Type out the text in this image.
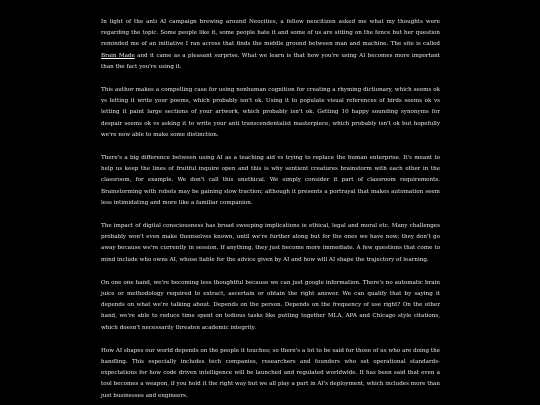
In light of the anti AI campaign brewing around Neocities, a fellow neocitizen asked me what my thoughts were regarding the topic. Some people like it, some people hate it and some of us are sitting on the fence but her question reminded me of an initiative I ran across that finds the middle ground between man and machine. The site is called Brain Made and it came as a pleasant surprise. What we learn is that how you're using AI becomes more important than the fact you're using it.

This author makes a compelling case for using nonhuman cognition for creating a rhyming dictionary, which seems ok vs letting it write your poems, which probably isn't ok. Using it to populate visual references of birds seems ok vs letting it paint large sections of your artwork, which probably isn't ok. Getting 10 happy sounding synonyms for despair seems ok vs asking it to write your anti transcendentalist masterpiece, which probably isn't ok but hopefully we're now able to make some distinction.

There's a big difference between using AI as a teaching aid vs trying to replace the human enterprise. It's meant to help us keep the lines of fruitful inquire open and this is why sentient creatures brainstorm with each other in the classroom, for example. We don't call this unethical. We simply consider it part of classroom requirements. Brainstorming with robots may be gaining slow traction; although it presents a portrayal that makes automation seem less intimidating and more like a familiar companion.

The impact of digital consciousness has broad sweeping implications ie ethical, legal and moral etc. Many challenges probably won't even make themselves known, until we're further along but for the ones we have now; they don't go away because we're currently in session. If anything, they just become more immediate. A few questions that come to mind include who owns AI, whose liable for the advice given by AI and how will AI shape the trajectory of learning.

On one one hand, we're becoming less thoughtful because we can just google information. There's no automatic brain juice or methodology required to extract, ascertain or obtain the right answer. We can qualify that by saying it depends on what we're talking about. Depends on the person. Depends on the frequency of use right? On the other hand, we're able to reduce time spent on tedious tasks like putting together MLA, APA and Chicago style citations, which doesn't necessarily threaten academic integrity.

How AI shapes our world depends on the people it touches; so there's a lot to be said for those of us who are doing the handling. This especially includes tech companies, researchers and founders who set operational standards- expectations for how code driven intelligence will be launched and regulated worldwide. It has been said that even a tool becomes a weapon, if you hold it the right way but we all play a part in AI's deployment, which includes more than just businesses and engineers.
